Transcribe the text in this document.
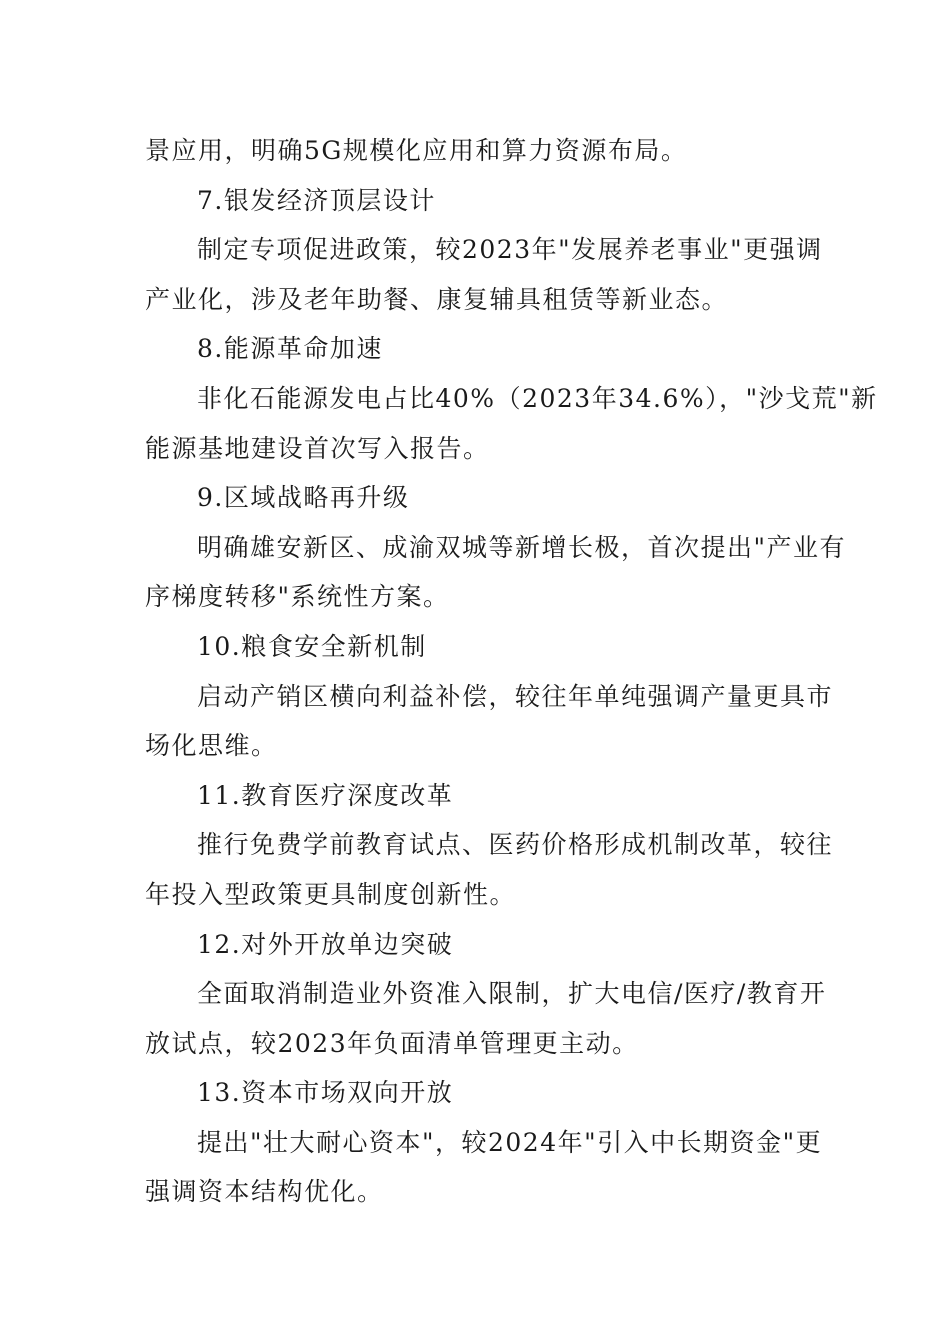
景应用，明确5G规模化应用和算力资源布局。
7.银发经济顶层设计
制定专项促进政策，较2023年"发展养老事业"更强调
产业化，涉及老年助餐、康复辅具租赁等新业态。
8.能源革命加速
非化石能源发电占比40%（2023年34.6%），"沙戈荒"新
能源基地建设首次写入报告。
9.区域战略再升级
明确雄安新区、成渝双城等新增长极，首次提出"产业有
序梯度转移"系统性方案。
10.粮食安全新机制
启动产销区横向利益补偿，较往年单纯强调产量更具市
场化思维。
11.教育医疗深度改革
推行免费学前教育试点、医药价格形成机制改革，较往
年投入型政策更具制度创新性。
12.对外开放单边突破
全面取消制造业外资准入限制，扩大电信/医疗/教育开
放试点，较2023年负面清单管理更主动。
13.资本市场双向开放
提出"壮大耐心资本"，较2024年"引入中长期资金"更
强调资本结构优化。
